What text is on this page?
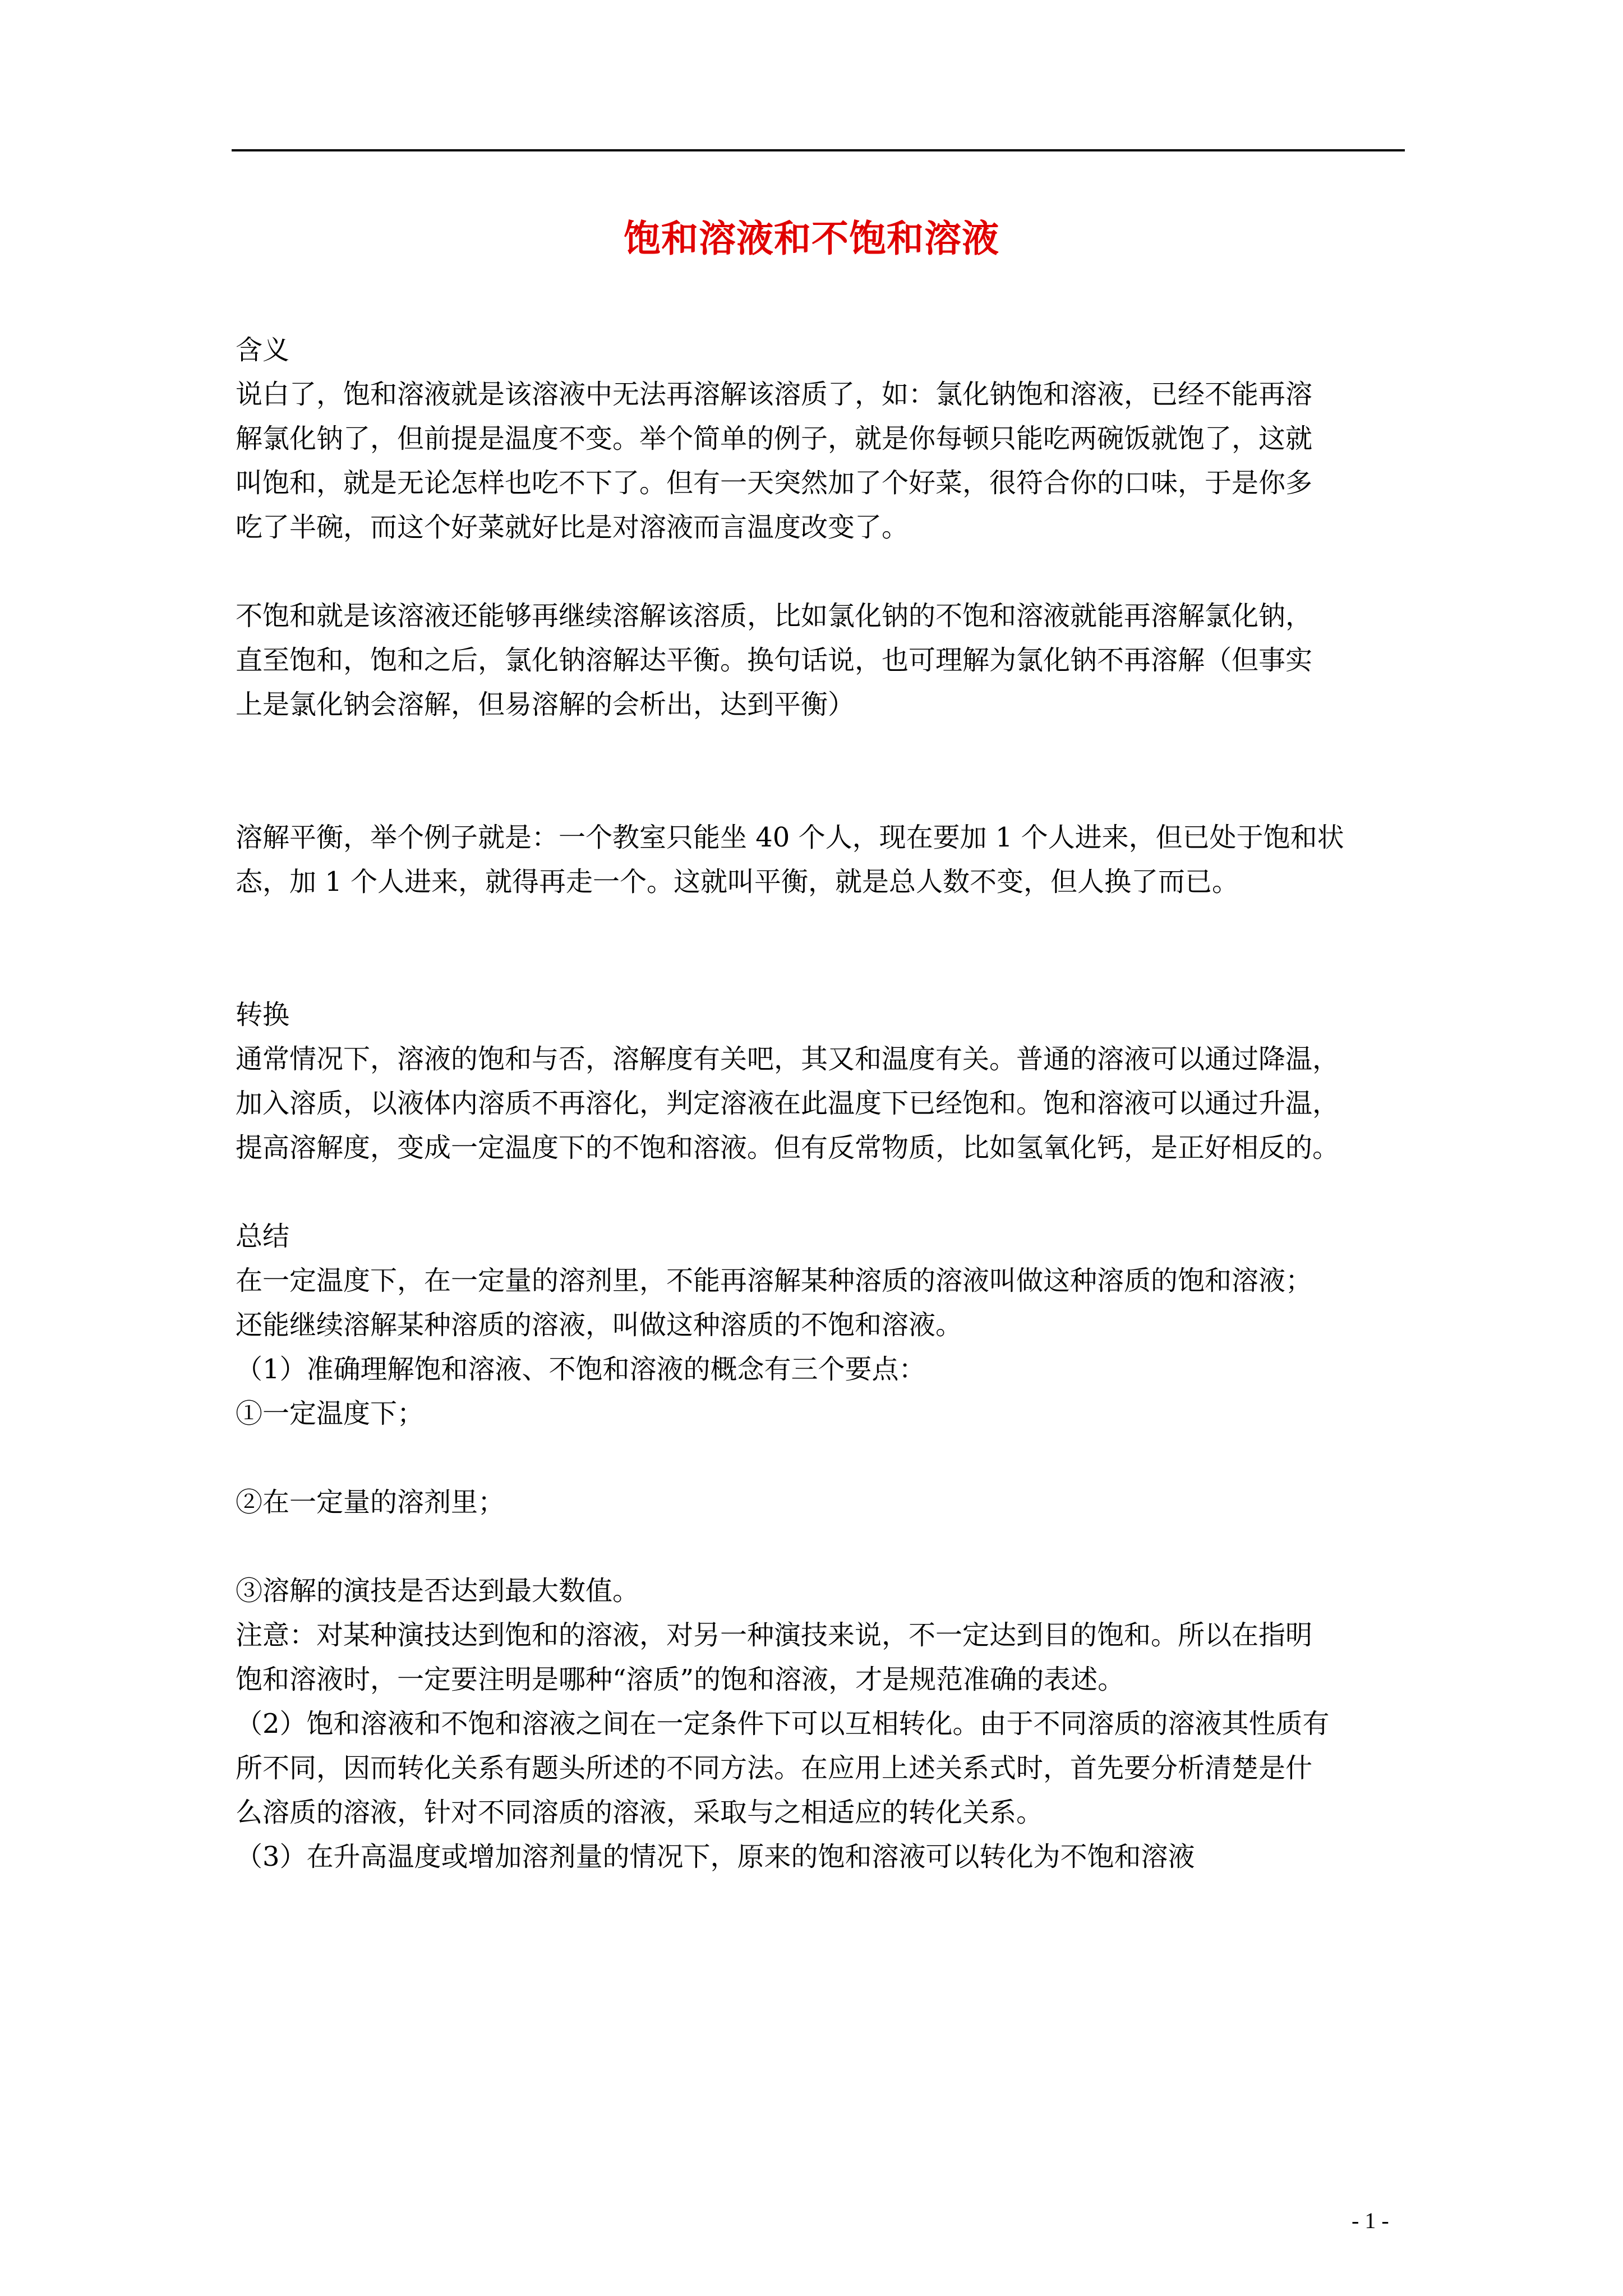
饱和溶液和不饱和溶液
含义
说白了，饱和溶液就是该溶液中无法再溶解该溶质了，如：氯化钠饱和溶液，已经不能再溶
解氯化钠了，但前提是温度不变。举个简单的例子，就是你每顿只能吃两碗饭就饱了，这就
叫饱和，就是无论怎样也吃不下了。但有一天突然加了个好菜，很符合你的口味，于是你多
吃了半碗，而这个好菜就好比是对溶液而言温度改变了。
不饱和就是该溶液还能够再继续溶解该溶质，比如氯化钠的不饱和溶液就能再溶解氯化钠，
直至饱和，饱和之后，氯化钠溶解达平衡。换句话说，也可理解为氯化钠不再溶解（但事实
上是氯化钠会溶解，但易溶解的会析出，达到平衡）
溶解平衡，举个例子就是：一个教室只能坐 40 个人，现在要加 1 个人进来，但已处于饱和状
态，加 1 个人进来，就得再走一个。这就叫平衡，就是总人数不变，但人换了而已。
转换
通常情况下，溶液的饱和与否，溶解度有关吧，其又和温度有关。普通的溶液可以通过降温，
加入溶质，以液体内溶质不再溶化，判定溶液在此温度下已经饱和。饱和溶液可以通过升温，
提高溶解度，变成一定温度下的不饱和溶液。但有反常物质，比如氢氧化钙，是正好相反的。
总结
在一定温度下，在一定量的溶剂里，不能再溶解某种溶质的溶液叫做这种溶质的饱和溶液；
还能继续溶解某种溶质的溶液，叫做这种溶质的不饱和溶液。
（1）准确理解饱和溶液、不饱和溶液的概念有三个要点：
①一定温度下；
②在一定量的溶剂里；
③溶解的演技是否达到最大数值。
注意：对某种演技达到饱和的溶液，对另一种演技来说，不一定达到目的饱和。所以在指明
饱和溶液时，一定要注明是哪种“溶质”的饱和溶液，才是规范准确的表述。
（2）饱和溶液和不饱和溶液之间在一定条件下可以互相转化。由于不同溶质的溶液其性质有
所不同，因而转化关系有题头所述的不同方法。在应用上述关系式时，首先要分析清楚是什
么溶质的溶液，针对不同溶质的溶液，采取与之相适应的转化关系。
（3）在升高温度或增加溶剂量的情况下，原来的饱和溶液可以转化为不饱和溶液
- 1 -
